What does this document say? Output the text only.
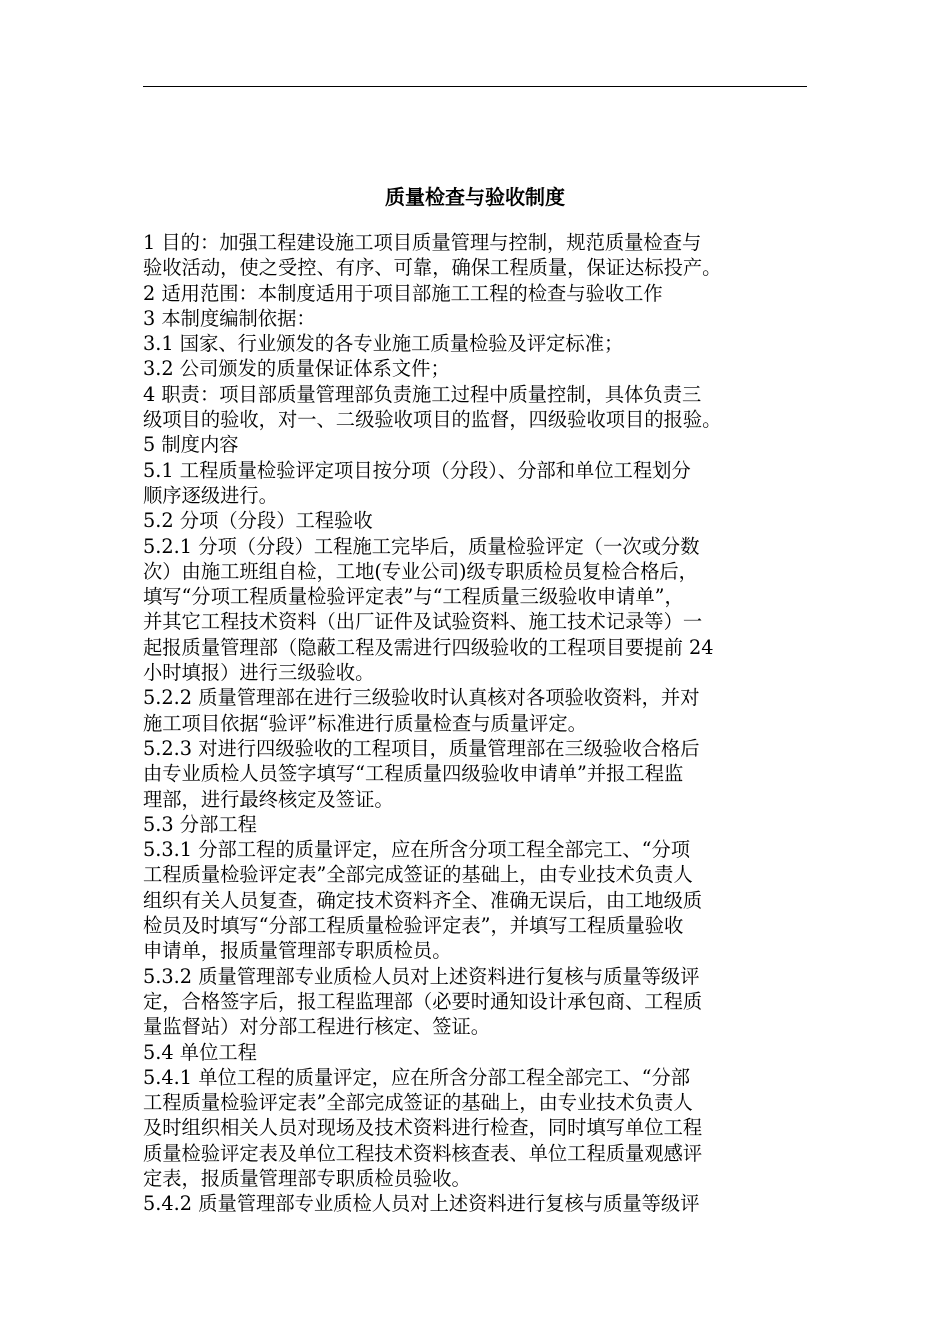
质量检查与验收制度

1 目的：加强工程建设施工项目质量管理与控制，规范质量检查与

验收活动，使之受控、有序、可靠，确保工程质量，保证达标投产。

2 适用范围：本制度适用于项目部施工工程的检查与验收工作

3 本制度编制依据：

3.1 国家、行业颁发的各专业施工质量检验及评定标准；

3.2 公司颁发的质量保证体系文件；

4 职责：项目部质量管理部负责施工过程中质量控制，具体负责三

级项目的验收，对一、二级验收项目的监督，四级验收项目的报验。

5 制度内容

5.1 工程质量检验评定项目按分项（分段）、分部和单位工程划分

顺序逐级进行。

5.2 分项（分段）工程验收

5.2.1 分项（分段）工程施工完毕后，质量检验评定（一次或分数

次）由施工班组自检，工地(专业公司)级专职质检员复检合格后，

填写“分项工程质量检验评定表”与“工程质量三级验收申请单”，

并其它工程技术资料（出厂证件及试验资料、施工技术记录等）一

起报质量管理部（隐蔽工程及需进行四级验收的工程项目要提前 24

小时填报）进行三级验收。

5.2.2 质量管理部在进行三级验收时认真核对各项验收资料，并对

施工项目依据“验评”标准进行质量检查与质量评定。

5.2.3 对进行四级验收的工程项目，质量管理部在三级验收合格后

由专业质检人员签字填写“工程质量四级验收申请单”并报工程监

理部，进行最终核定及签证。

5.3 分部工程

5.3.1 分部工程的质量评定，应在所含分项工程全部完工、“分项

工程质量检验评定表”全部完成签证的基础上，由专业技术负责人

组织有关人员复查，确定技术资料齐全、准确无误后，由工地级质

检员及时填写“分部工程质量检验评定表”，并填写工程质量验收

申请单，报质量管理部专职质检员。

5.3.2 质量管理部专业质检人员对上述资料进行复核与质量等级评

定，合格签字后，报工程监理部（必要时通知设计承包商、工程质

量监督站）对分部工程进行核定、签证。

5.4 单位工程

5.4.1 单位工程的质量评定，应在所含分部工程全部完工、“分部

工程质量检验评定表”全部完成签证的基础上，由专业技术负责人

及时组织相关人员对现场及技术资料进行检查，同时填写单位工程

质量检验评定表及单位工程技术资料核查表、单位工程质量观感评

定表，报质量管理部专职质检员验收。

5.4.2 质量管理部专业质检人员对上述资料进行复核与质量等级评
